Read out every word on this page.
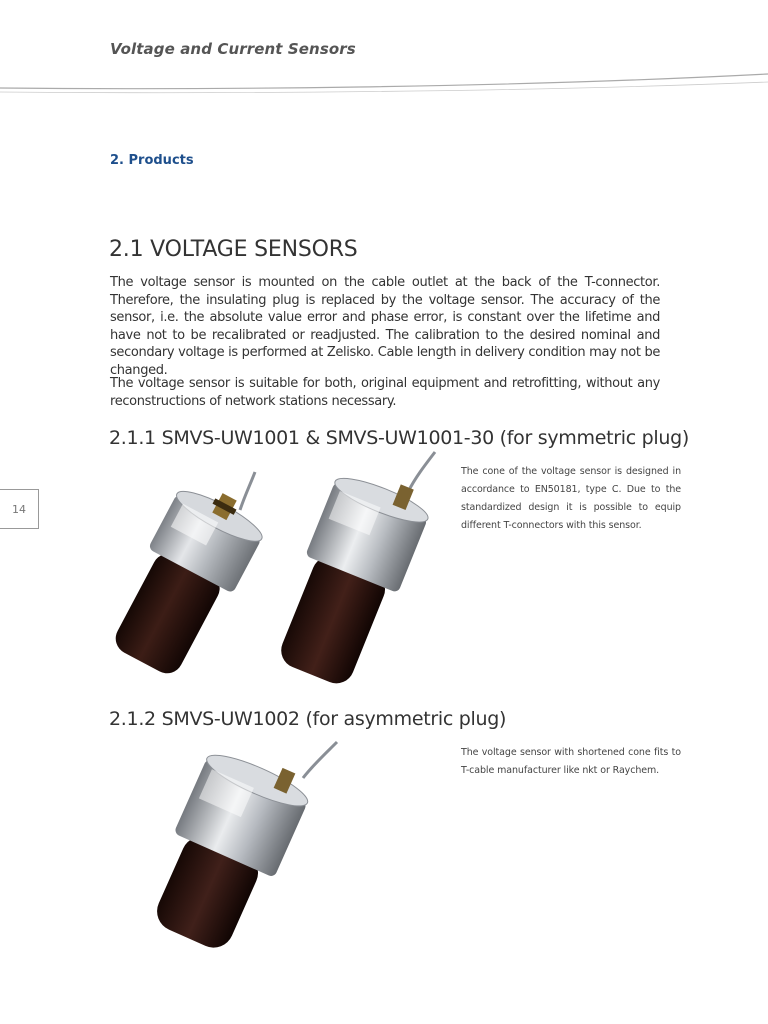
Voltage and Current Sensors
2. Products
2.1 VOLTAGE SENSORS
The voltage sensor is mounted on the cable outlet at the back of the T-connector. Therefore, the insulating plug is replaced by the voltage sensor. The accuracy of the sensor, i.e. the absolute value error and phase error, is constant over the lifetime and have not to be recalibrated or readjusted. The calibration to the desired nominal and secondary voltage is performed at Zelisko. Cable length in delivery condition may not be changed.
The voltage sensor is suitable for both, original equipment and retrofitting, without any reconstructions of network stations necessary.
2.1.1 SMVS-UW1001 & SMVS-UW1001-30 (for symmetric plug)
The cone of the voltage sensor is designed in accordance to EN50181, type C. Due to the standardized design it is possible to equip different T-connectors with this sensor.
14
2.1.2 SMVS-UW1002 (for asymmetric plug)
The voltage sensor with shortened cone fits to T-cable manufacturer like nkt or Raychem.
